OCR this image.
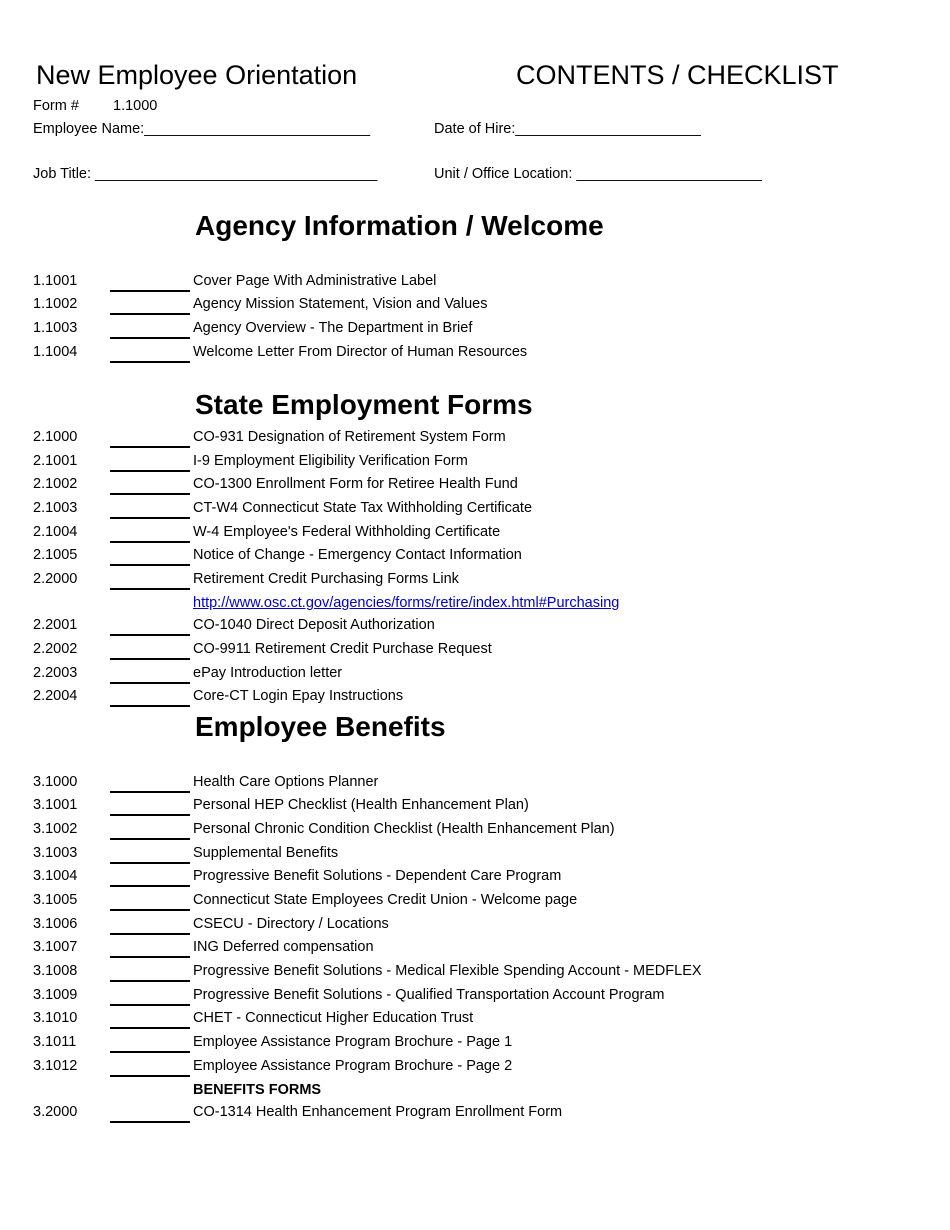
New Employee Orientation	CONTENTS / CHECKLIST
Form # 1.1000
Employee Name:____________________________	Date of Hire:_______________________
Job Title: ___________________________________	Unit / Office Location: _______________________
Agency Information / Welcome
1.1001	Cover Page With Administrative Label
1.1002	Agency Mission Statement, Vision and Values
1.1003	Agency Overview - The Department in Brief
1.1004	Welcome Letter From Director of Human Resources
State Employment Forms
2.1000	CO-931 Designation of Retirement System Form
2.1001	I-9 Employment Eligibility Verification Form
2.1002	CO-1300 Enrollment Form for Retiree Health Fund
2.1003	CT-W4 Connecticut State Tax Withholding Certificate
2.1004	W-4 Employee's Federal Withholding Certificate
2.1005	Notice of Change - Emergency Contact Information
2.2000	Retirement Credit Purchasing Forms Link
http://www.osc.ct.gov/agencies/forms/retire/index.html#Purchasing
2.2001	CO-1040 Direct Deposit Authorization
2.2002	CO-9911 Retirement Credit Purchase Request
2.2003	ePay Introduction letter
2.2004	Core-CT Login Epay Instructions
Employee Benefits
3.1000	Health Care Options Planner
3.1001	Personal HEP Checklist (Health Enhancement Plan)
3.1002	Personal Chronic Condition Checklist (Health Enhancement Plan)
3.1003	Supplemental Benefits
3.1004	Progressive Benefit Solutions - Dependent Care Program
3.1005	Connecticut State Employees Credit Union - Welcome page
3.1006	CSECU - Directory / Locations
3.1007	ING Deferred compensation
3.1008	Progressive Benefit Solutions - Medical Flexible Spending Account - MEDFLEX
3.1009	Progressive Benefit Solutions - Qualified Transportation Account Program
3.1010	CHET - Connecticut Higher Education Trust
3.1011	Employee Assistance Program Brochure - Page 1
3.1012	Employee Assistance Program Brochure - Page 2
BENEFITS FORMS
3.2000	CO-1314 Health Enhancement Program Enrollment Form
